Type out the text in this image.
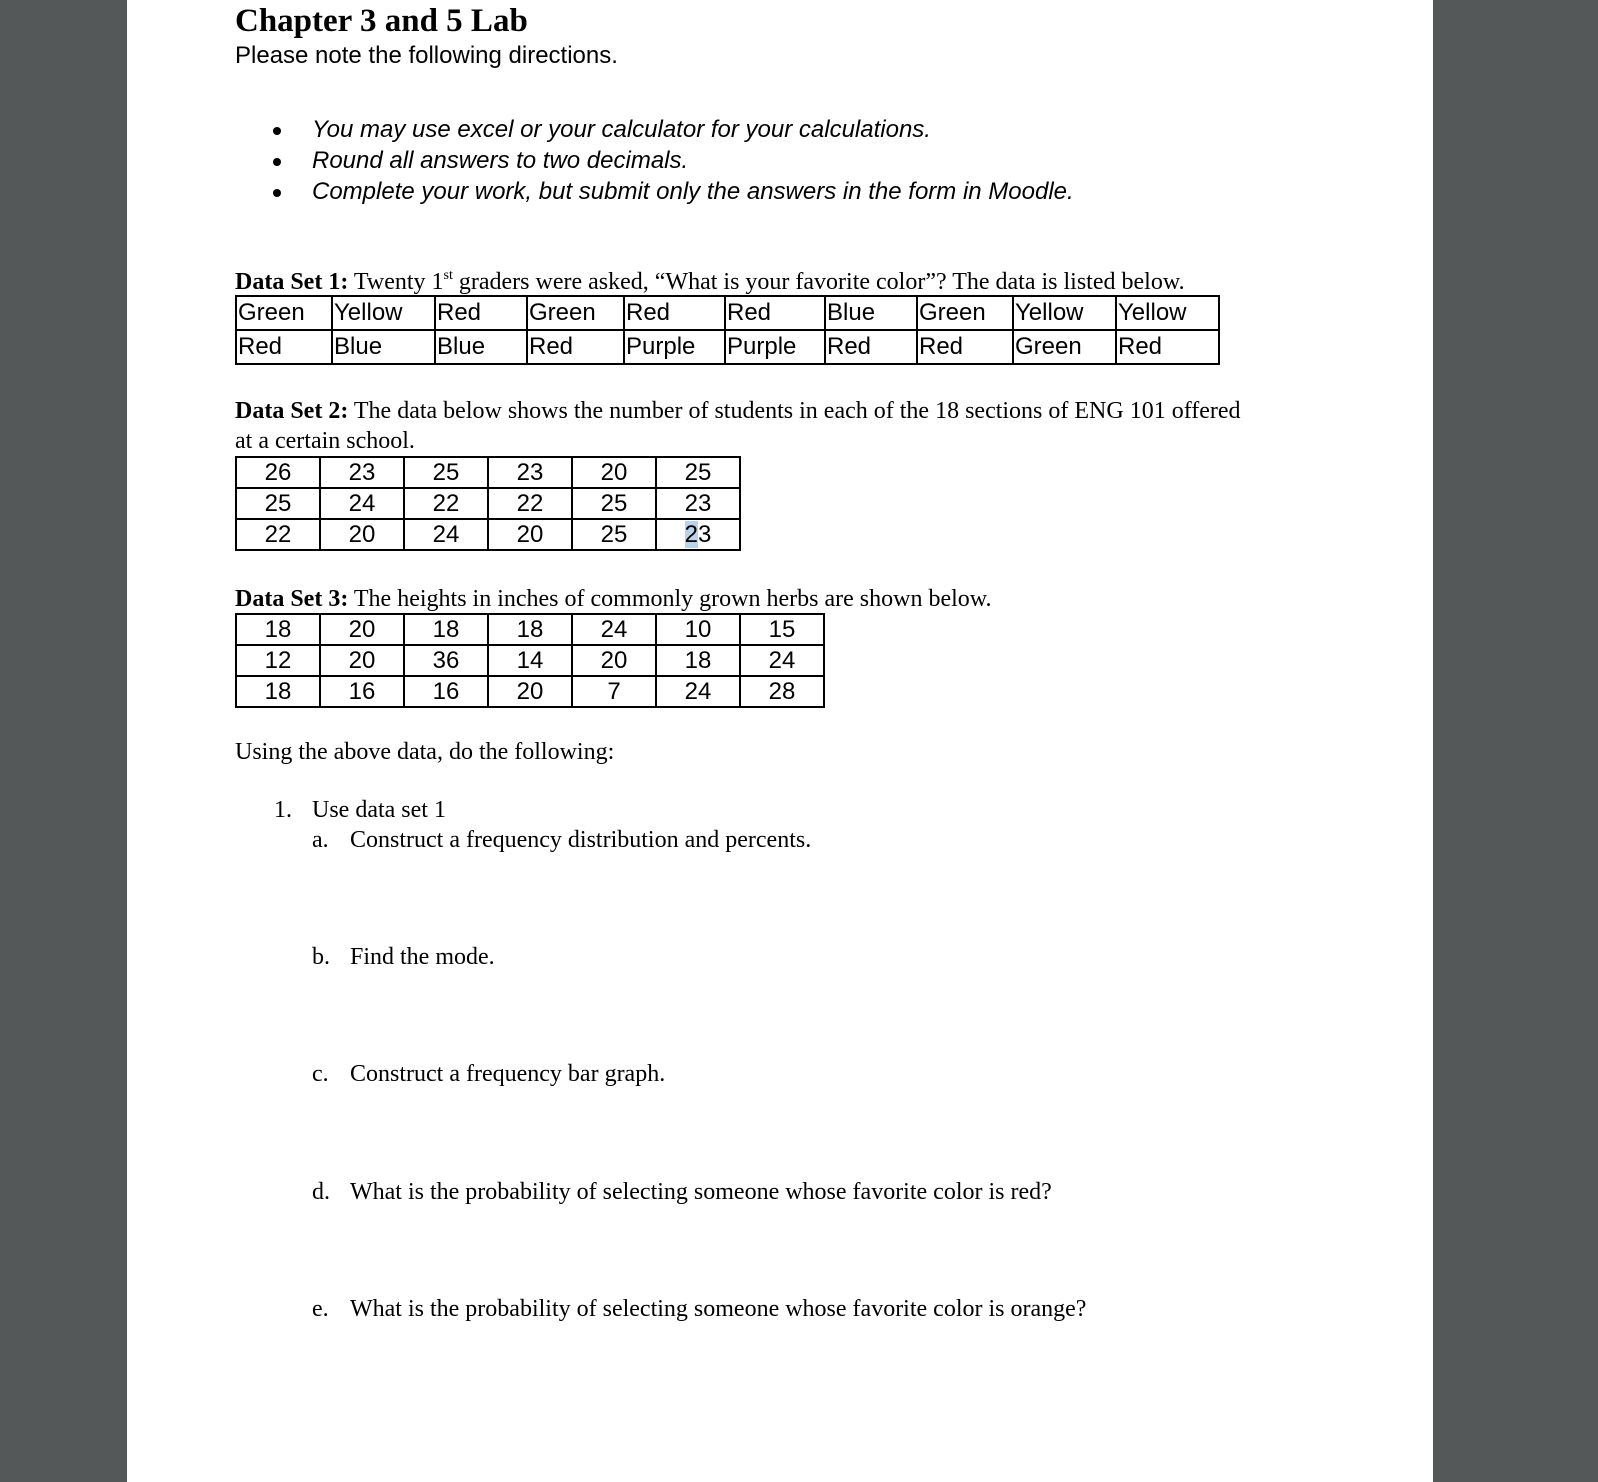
Chapter 3 and 5 Lab
Please note the following directions.
You may use excel or your calculator for your calculations.
Round all answers to two decimals.
Complete your work, but submit only the answers in the form in Moodle.
Data Set 1: Twenty 1st graders were asked, “What is your favorite color”? The data is listed below.
Green	Yellow	Red	Green	Red	Red	Blue	Green	Yellow	Yellow
Red	Blue	Blue	Red	Purple	Purple	Red	Red	Green	Red
Data Set 2: The data below shows the number of students in each of the 18 sections of ENG 101 offered
at a certain school.
26	23	25	23	20	25
25	24	22	22	25	23
22	20	24	20	25	23
Data Set 3: The heights in inches of commonly grown herbs are shown below.
18	20	18	18	24	10	15
12	20	36	14	20	18	24
18	16	16	20	7	24	28
Using the above data, do the following:
1. Use data set 1
a. Construct a frequency distribution and percents.
b. Find the mode.
c. Construct a frequency bar graph.
d. What is the probability of selecting someone whose favorite color is red?
e. What is the probability of selecting someone whose favorite color is orange?
